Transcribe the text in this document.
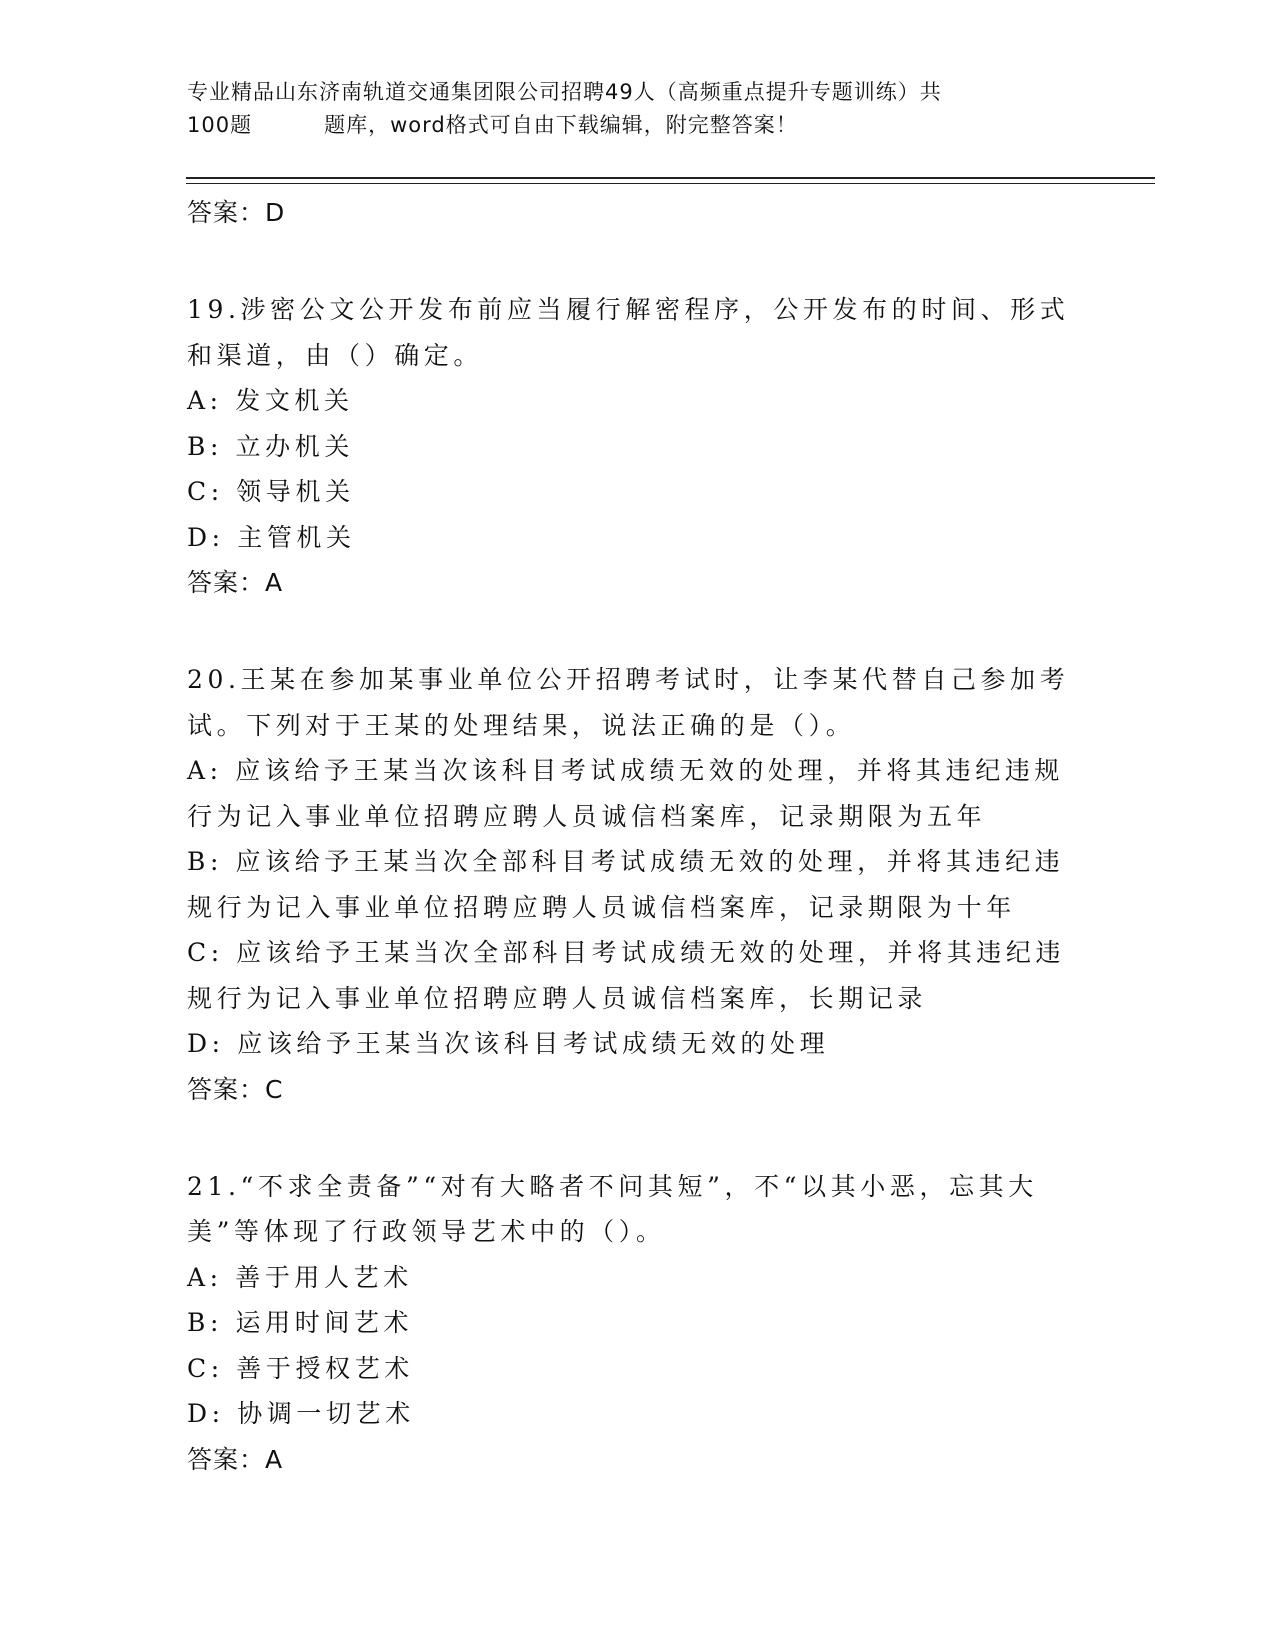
专业精品山东济南轨道交通集团限公司招聘49人（高频重点提升专题训练）共
100题	题库，word格式可自由下载编辑，附完整答案！
答案：D
19.涉密公文公开发布前应当履行解密程序，公开发布的时间、形式和渠道，由（）确定。
A: 发文机关
B: 立办机关
C: 领导机关
D: 主管机关
答案：A
20.王某在参加某事业单位公开招聘考试时，让李某代替自己参加考试。下列对于王某的处理结果，说法正确的是（）。
A: 应该给予王某当次该科目考试成绩无效的处理，并将其违纪违规行为记入事业单位招聘应聘人员诚信档案库，记录期限为五年
B: 应该给予王某当次全部科目考试成绩无效的处理，并将其违纪违规行为记入事业单位招聘应聘人员诚信档案库，记录期限为十年
C: 应该给予王某当次全部科目考试成绩无效的处理，并将其违纪违规行为记入事业单位招聘应聘人员诚信档案库，长期记录
D: 应该给予王某当次该科目考试成绩无效的处理
答案：C
21.“不求全责备”“对有大略者不问其短”，不“以其小恶，忘其大美”等体现了行政领导艺术中的（）。
A: 善于用人艺术
B: 运用时间艺术
C: 善于授权艺术
D: 协调一切艺术
答案：A
